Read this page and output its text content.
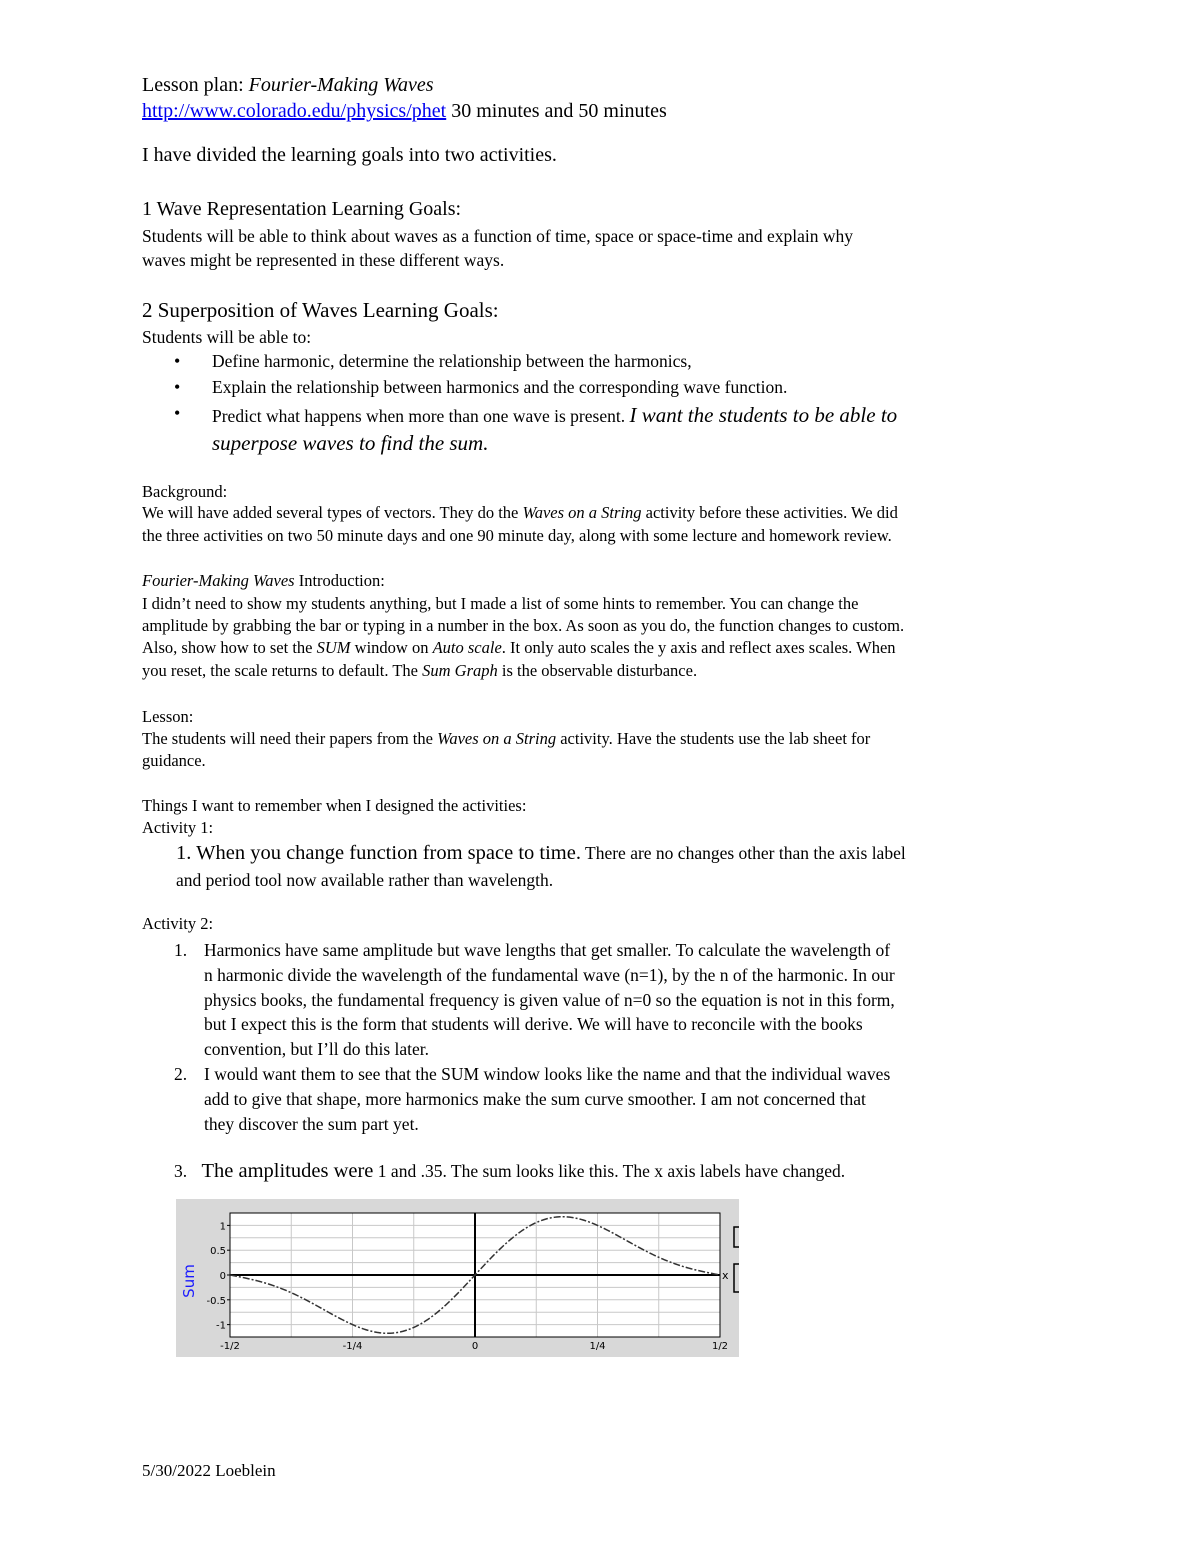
Lesson plan: Fourier-Making Waves
http://www.colorado.edu/physics/phet 30 minutes and 50 minutes
I have divided the learning goals into two activities.
1 Wave Representation Learning Goals:
Students will be able to think about waves as a function of time, space or space-time and explain why
waves might be represented in these different ways.
2 Superposition of Waves Learning Goals:
Students will be able to:
• Define harmonic, determine the relationship between the harmonics,
• Explain the relationship between harmonics and the corresponding wave function.
• Predict what happens when more than one wave is present. I want the students to be able to
superpose waves to find the sum.
Background:
We will have added several types of vectors. They do the Waves on a String activity before these activities. We did
the three activities on two 50 minute days and one 90 minute day, along with some lecture and homework review.
Fourier-Making Waves Introduction:
I didn’t need to show my students anything, but I made a list of some hints to remember. You can change the
amplitude by grabbing the bar or typing in a number in the box. As soon as you do, the function changes to custom.
Also, show how to set the SUM window on Auto scale. It only auto scales the y axis and reflect axes scales. When
you reset, the scale returns to default. The Sum Graph is the observable disturbance.
Lesson:
The students will need their papers from the Waves on a String activity. Have the students use the lab sheet for
guidance.
Things I want to remember when I designed the activities:
Activity 1:
1. When you change function from space to time. There are no changes other than the axis label
and period tool now available rather than wavelength.
Activity 2:
1. Harmonics have same amplitude but wave lengths that get smaller. To calculate the wavelength of
n harmonic divide the wavelength of the fundamental wave (n=1), by the n of the harmonic. In our
physics books, the fundamental frequency is given value of n=0 so the equation is not in this form,
but I expect this is the form that students will derive. We will have to reconcile with the books
convention, but I’ll do this later.
2. I would want them to see that the SUM window looks like the name and that the individual waves
add to give that shape, more harmonics make the sum curve smoother. I am not concerned that
they discover the sum part yet.
3. The amplitudes were 1 and .35. The sum looks like this. The x axis labels have changed.
-1/2	-1/4	0	1/4	1/2
1
0.5
0
-0.5
-1
Sum	x
5/30/2022 Loeblein
